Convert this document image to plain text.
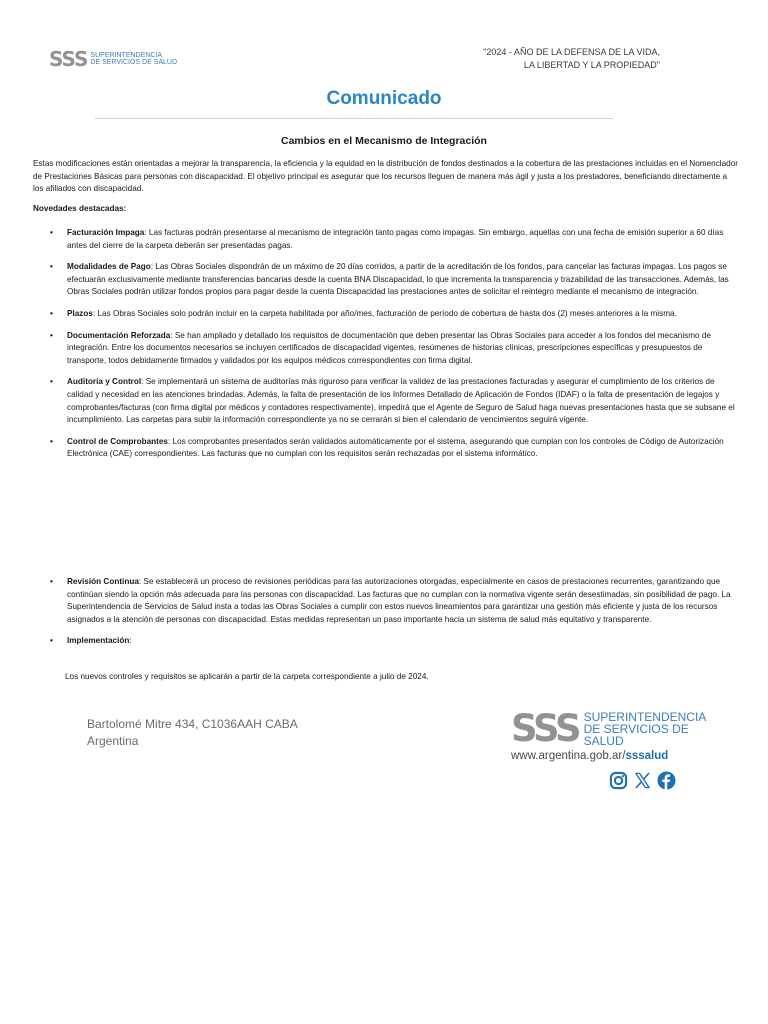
SSS SUPERINTENDENCIA
DE SERVICIOS DE SALUD
"2024 - AÑO DE LA DEFENSA DE LA VIDA,
LA LIBERTAD Y LA PROPIEDAD"
Comunicado
Cambios en el Mecanismo de Integración

Estas modificaciones están orientadas a mejorar la transparencia, la eficiencia y la equidad en la distribución de fondos destinados a la cobertura de las prestaciones incluidas en el Nomenclador de Prestaciones Básicas para personas con discapacidad. El objetivo principal es asegurar que los recursos lleguen de manera más ágil y justa a los prestadores, beneficiando directamente a los afiliados con discapacidad.

Novedades destacadas:

• Facturación Impaga: Las facturas podrán presentarse al mecanismo de integración tanto pagas como impagas. Sin embargo, aquellas con una fecha de emisión superior a 60 días antes del cierre de la carpeta deberán ser presentadas pagas.
• Modalidades de Pago: Las Obras Sociales dispondrán de un máximo de 20 días corridos, a partir de la acreditación de los fondos, para cancelar las facturas impagas. Los pagos se efectuarán exclusivamente mediante transferencias bancarias desde la cuenta BNA Discapacidad, lo que incrementa la transparencia y trazabilidad de las transacciones. Además, las Obras Sociales podrán utilizar fondos propios para pagar desde la cuenta Discapacidad las prestaciones antes de solicitar el reintegro mediante el mecanismo de integración.
• Plazos: Las Obras Sociales solo podrán incluir en la carpeta habilitada por año/mes, facturación de período de cobertura de hasta dos (2) meses anteriores a la misma.
• Documentación Reforzada: Se han ampliado y detallado los requisitos de documentación que deben presentar las Obras Sociales para acceder a los fondos del mecanismo de integración. Entre los documentos necesarios se incluyen certificados de discapacidad vigentes, resúmenes de historias clínicas, prescripciones específicas y presupuestos de transporte, todos debidamente firmados y validados por los equipos médicos correspondientes con firma digital.
• Auditoría y Control: Se implementará un sistema de auditorías más riguroso para verificar la validez de las prestaciones facturadas y asegurar el cumplimiento de los criterios de calidad y necesidad en las atenciones brindadas. Además, la falta de presentación de los Informes Detallado de Aplicación de Fondos (IDAF) o la falta de presentación de legajos y comprobantes/facturas (con firma digital por médicos y contadores respectivamente), impedirá que el Agente de Seguro de Salud haga nuevas presentaciones hasta que se subsane el incumplimiento. Las carpetas para subir la información correspondiente ya no se cerrarán si bien el calendario de vencimientos seguirá vigente.
• Control de Comprobantes: Los comprobantes presentados serán validados automáticamente por el sistema, asegurando que cumplan con los controles de Código de Autorización Electrónica (CAE) correspondientes. Las facturas que no cumplan con los requisitos serán rechazadas por el sistema informático.
• Revisión Continua: Se establecerá un proceso de revisiones periódicas para las autorizaciones otorgadas, especialmente en casos de prestaciones recurrentes, garantizando que continúan siendo la opción más adecuada para las personas con discapacidad. Las facturas que no cumplan con la normativa vigente serán desestimadas, sin posibilidad de pago. La Superintendencia de Servicios de Salud insta a todas las Obras Sociales a cumplir con estos nuevos lineamientos para garantizar una gestión más eficiente y justa de los recursos asignados a la atención de personas con discapacidad. Estas medidas representan un paso importante hacia un sistema de salud más equitativo y transparente.
• Implementación:
Los nuevos controles y requisitos se aplicarán a partir de la carpeta correspondiente a julio de 2024.
Bartolomé Mitre 434, C1036AAH CABA
Argentina	SSS SUPERINTENDENCIA
DE SERVICIOS DE SALUD
www.argentina.gob.ar/sssalud
